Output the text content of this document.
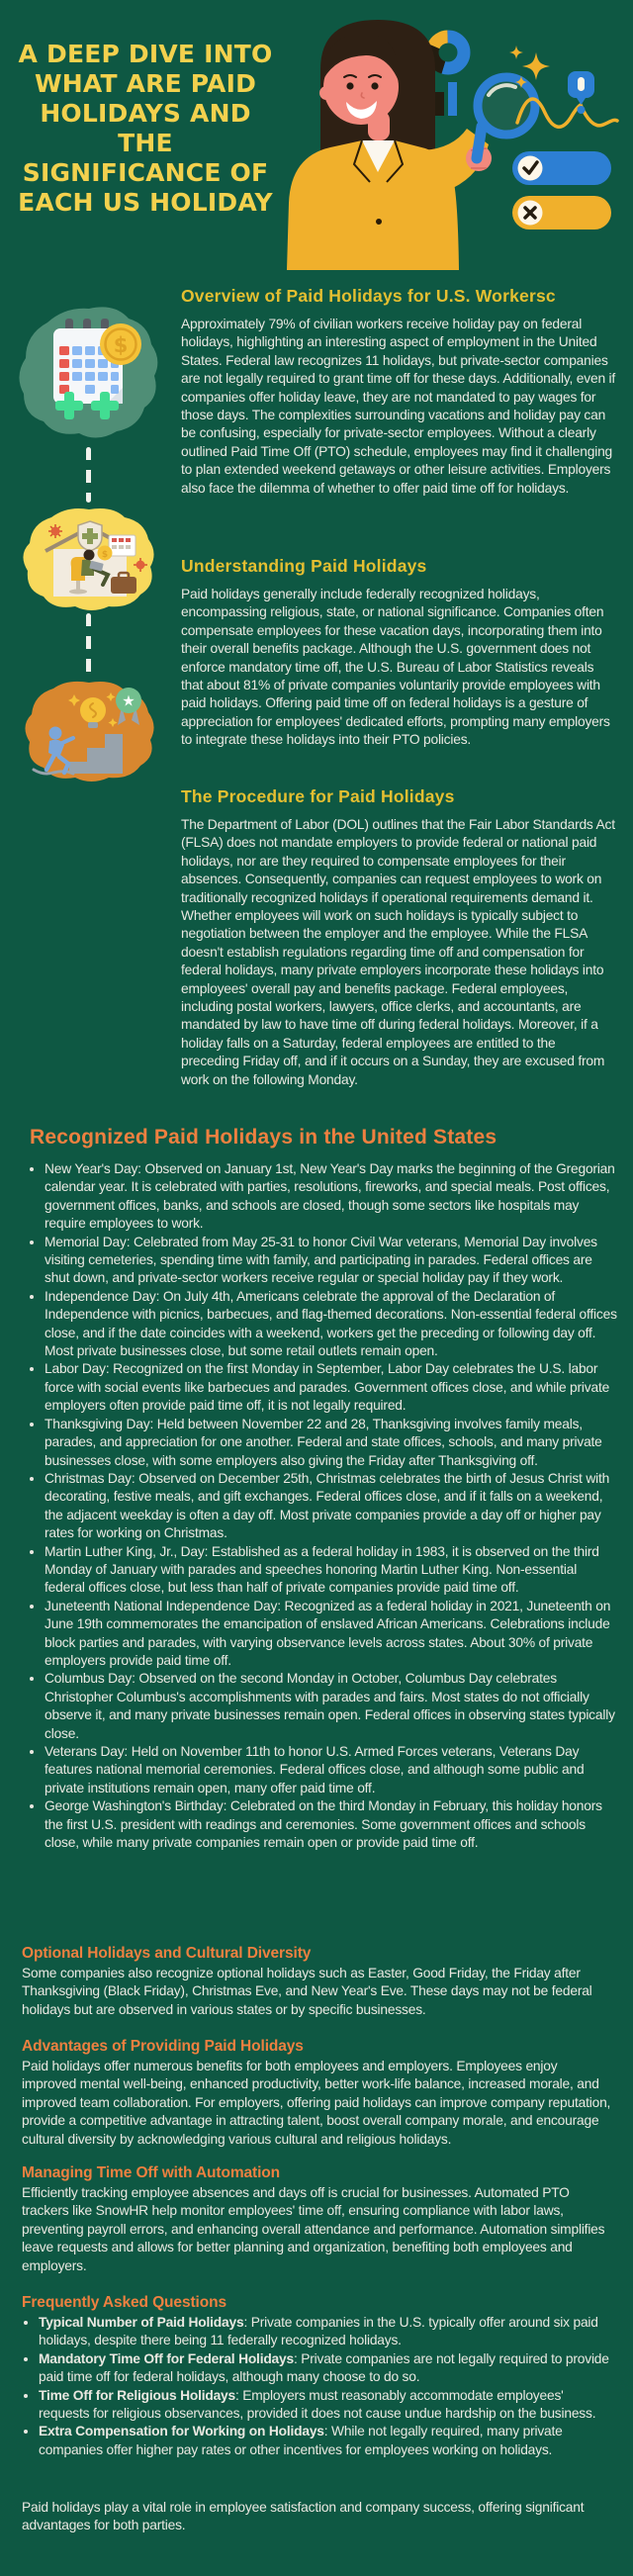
A DEEP DIVE INTO WHAT ARE PAID HOLIDAYS AND THE SIGNIFICANCE OF EACH US HOLIDAY
$
$
★
Overview of Paid Holidays for U.S. Workersc

Approximately 79% of civilian workers receive holiday pay on federal holidays, highlighting an interesting aspect of employment in the United States. Federal law recognizes 11 holidays, but private-sector companies are not legally required to grant time off for these days. Additionally, even if companies offer holiday leave, they are not mandated to pay wages for those days. The complexities surrounding vacations and holiday pay can be confusing, especially for private-sector employees. Without a clearly outlined Paid Time Off (PTO) schedule, employees may find it challenging to plan extended weekend getaways or other leisure activities. Employers also face the dilemma of whether to offer paid time off for holidays.

Understanding Paid Holidays

Paid holidays generally include federally recognized holidays, encompassing religious, state, or national significance. Companies often compensate employees for these vacation days, incorporating them into their overall benefits package. Although the U.S. government does not enforce mandatory time off, the U.S. Bureau of Labor Statistics reveals that about 81% of private companies voluntarily provide employees with paid holidays. Offering paid time off on federal holidays is a gesture of appreciation for employees' dedicated efforts, prompting many employers to integrate these holidays into their PTO policies.

The Procedure for Paid Holidays

The Department of Labor (DOL) outlines that the Fair Labor Standards Act (FLSA) does not mandate employers to provide federal or national paid holidays, nor are they required to compensate employees for their absences. Consequently, companies can request employees to work on traditionally recognized holidays if operational requirements demand it. Whether employees will work on such holidays is typically subject to negotiation between the employer and the employee. While the FLSA doesn't establish regulations regarding time off and compensation for federal holidays, many private employers incorporate these holidays into employees' overall pay and benefits package. Federal employees, including postal workers, lawyers, office clerks, and accountants, are mandated by law to have time off during federal holidays. Moreover, if a holiday falls on a Saturday, federal employees are entitled to the preceding Friday off, and if it occurs on a Sunday, they are excused from work on the following Monday.

Recognized Paid Holidays in the United States
• New Year's Day: Observed on January 1st, New Year's Day marks the beginning of the Gregorian calendar year. It is celebrated with parties, resolutions, fireworks, and special meals. Post offices, government offices, banks, and schools are closed, though some sectors like hospitals may require employees to work.
• Memorial Day: Celebrated from May 25-31 to honor Civil War veterans, Memorial Day involves visiting cemeteries, spending time with family, and participating in parades. Federal offices are shut down, and private-sector workers receive regular or special holiday pay if they work.
• Independence Day: On July 4th, Americans celebrate the approval of the Declaration of Independence with picnics, barbecues, and flag-themed decorations. Non-essential federal offices close, and if the date coincides with a weekend, workers get the preceding or following day off. Most private businesses close, but some retail outlets remain open.
• Labor Day: Recognized on the first Monday in September, Labor Day celebrates the U.S. labor force with social events like barbecues and parades. Government offices close, and while private employers often provide paid time off, it is not legally required.
• Thanksgiving Day: Held between November 22 and 28, Thanksgiving involves family meals, parades, and appreciation for one another. Federal and state offices, schools, and many private businesses close, with some employers also giving the Friday after Thanksgiving off.
• Christmas Day: Observed on December 25th, Christmas celebrates the birth of Jesus Christ with decorating, festive meals, and gift exchanges. Federal offices close, and if it falls on a weekend, the adjacent weekday is often a day off. Most private companies provide a day off or higher pay rates for working on Christmas.
• Martin Luther King, Jr., Day: Established as a federal holiday in 1983, it is observed on the third Monday of January with parades and speeches honoring Martin Luther King. Non-essential federal offices close, but less than half of private companies provide paid time off.
• Juneteenth National Independence Day: Recognized as a federal holiday in 2021, Juneteenth on June 19th commemorates the emancipation of enslaved African Americans. Celebrations include block parties and parades, with varying observance levels across states. About 30% of private employers provide paid time off.
• Columbus Day: Observed on the second Monday in October, Columbus Day celebrates Christopher Columbus's accomplishments with parades and fairs. Most states do not officially observe it, and many private businesses remain open. Federal offices in observing states typically close.
• Veterans Day: Held on November 11th to honor U.S. Armed Forces veterans, Veterans Day features national memorial ceremonies. Federal offices close, and although some public and private institutions remain open, many offer paid time off.
• George Washington's Birthday: Celebrated on the third Monday in February, this holiday honors the first U.S. president with readings and ceremonies. Some government offices and schools close, while many private companies remain open or provide paid time off.
Optional Holidays and Cultural Diversity

Some companies also recognize optional holidays such as Easter, Good Friday, the Friday after Thanksgiving (Black Friday), Christmas Eve, and New Year's Eve. These days may not be federal holidays but are observed in various states or by specific businesses.

Advantages of Providing Paid Holidays

Paid holidays offer numerous benefits for both employees and employers. Employees enjoy improved mental well-being, enhanced productivity, better work-life balance, increased morale, and improved team collaboration. For employers, offering paid holidays can improve company reputation, provide a competitive advantage in attracting talent, boost overall company morale, and encourage cultural diversity by acknowledging various cultural and religious holidays.

Managing Time Off with Automation

Efficiently tracking employee absences and days off is crucial for businesses. Automated PTO trackers like SnowHR help monitor employees' time off, ensuring compliance with labor laws, preventing payroll errors, and enhancing overall attendance and performance. Automation simplifies leave requests and allows for better planning and organization, benefiting both employees and employers.

Frequently Asked Questions
• Typical Number of Paid Holidays: Private companies in the U.S. typically offer around six paid holidays, despite there being 11 federally recognized holidays.
• Mandatory Time Off for Federal Holidays: Private companies are not legally required to provide paid time off for federal holidays, although many choose to do so.
• Time Off for Religious Holidays: Employers must reasonably accommodate employees' requests for religious observances, provided it does not cause undue hardship on the business.
• Extra Compensation for Working on Holidays: While not legally required, many private companies offer higher pay rates or other incentives for employees working on holidays.

Paid holidays play a vital role in employee satisfaction and company success, offering significant advantages for both parties.
